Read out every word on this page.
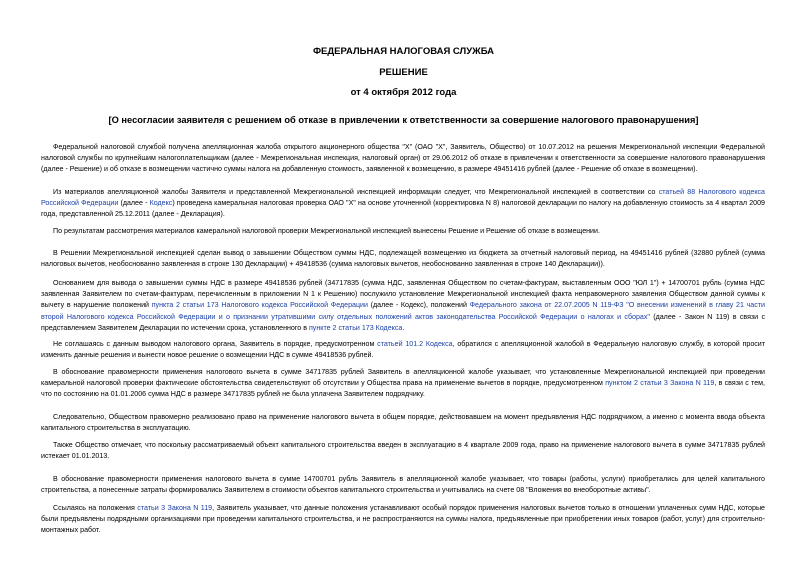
ФЕДЕРАЛЬНАЯ НАЛОГОВАЯ СЛУЖБА
РЕШЕНИЕ
от 4 октября 2012 года
[О несогласии заявителя с решением об отказе в привлечении к ответственности за совершение налогового правонарушения]

Федеральной налоговой службой получена апелляционная жалоба открытого акционерного общества "Х" (ОАО "Х", Заявитель, Общество) от 10.07.2012 на решения Межрегиональной инспекции Федеральной налоговой службы по крупнейшим налогоплательщикам (далее - Межрегиональная инспекция, налоговый орган) от 29.06.2012 об отказе в привлечении к ответственности за совершение налогового правонарушения (далее - Решение) и об отказе в возмещении частично суммы налога на добавленную стоимость, заявленной к возмещению, в размере 49451416 рублей (далее - Решение об отказе в возмещении).

Из материалов апелляционной жалобы Заявителя и представленной Межрегиональной инспекцией информации следует, что Межрегиональной инспекцией в соответствии со статьей 88 Налогового кодекса Российской Федерации (далее - Кодекс) проведена камеральная налоговая проверка ОАО "Х" на основе уточненной (корректировка N 8) налоговой декларации по налогу на добавленную стоимость за 4 квартал 2009 года, представленной 25.12.2011 (далее - Декларация).

По результатам рассмотрения материалов камеральной налоговой проверки Межрегиональной инспекцией вынесены Решение и Решение об отказе в возмещении.

В Решении Межрегиональной инспекцией сделан вывод о завышении Обществом суммы НДС, подлежащей возмещению из бюджета за отчетный налоговый период, на 49451416 рублей (32880 рублей (сумма налоговых вычетов, необоснованно заявленная в строке 130 Декларации) + 49418536 (сумма налоговых вычетов, необоснованно заявленная в строке 140 Декларации)).

Основанием для вывода о завышении суммы НДС в размере 49418536 рублей (34717835 (сумма НДС, заявленная Обществом по счетам-фактурам, выставленным ООО "ЮЛ 1") + 14700701 рубль (сумма НДС заявленная Заявителем по счетам-фактурам, перечисленным в приложении N 1 к Решению) послужило установление Межрегиональной инспекцией факта неправомерного заявления Обществом данной суммы к вычету в нарушение положений пункта 2 статьи 173 Налогового кодекса Российской Федерации (далее - Кодекс), положений Федерального закона от 22.07.2005 N 119-ФЗ "О внесении изменений в главу 21 части второй Налогового кодекса Российской Федерации и о признании утратившими силу отдельных положений актов законодательства Российской Федерации о налогах и сборах" (далее - Закон N 119) в связи с представлением Заявителем Декларации по истечении срока, установленного в пункте 2 статьи 173 Кодекса.

Не соглашаясь с данным выводом налогового органа, Заявитель в порядке, предусмотренном статьей 101.2 Кодекса, обратился с апелляционной жалобой в Федеральную налоговую службу, в которой просит изменить данные решения и вынести новое решение о возмещении НДС в сумме 49418536 рублей.

В обоснование правомерности применения налогового вычета в сумме 34717835 рублей Заявитель в апелляционной жалобе указывает, что установленные Межрегиональной инспекцией при проведении камеральной налоговой проверки фактические обстоятельства свидетельствуют об отсутствии у Общества права на применение вычетов в порядке, предусмотренном пунктом 2 статьи 3 Закона N 119, в связи с тем, что по состоянию на 01.01.2006 сумма НДС в размере 34717835 рублей не была уплачена Заявителем подрядчику.

Следовательно, Обществом правомерно реализовано право на применение налогового вычета в общем порядке, действовавшем на момент предъявления НДС подрядчиком, а именно с момента ввода объекта капитального строительства в эксплуатацию.

Также Общество отмечает, что поскольку рассматриваемый объект капитального строительства введен в эксплуатацию в 4 квартале 2009 года, право на применение налогового вычета в сумме 34717835 рублей истекает 01.01.2013.

В обоснование правомерности применения налогового вычета в сумме 14700701 рубль Заявитель в апелляционной жалобе указывает, что товары (работы, услуги) приобретались для целей капитального строительства, а понесенные затраты формировались Заявителем в стоимости объектов капитального строительства и учитывались на счете 08 "Вложения во внеоборотные активы".

Ссылаясь на положения статьи 3 Закона N 119, Заявитель указывает, что данные положения устанавливают особый порядок применения налоговых вычетов только в отношении уплаченных сумм НДС, которые были предъявлены подрядными организациями при проведении капитального строительства, и не распространяются на суммы налога, предъявленные при приобретении иных товаров (работ, услуг) для строительно-монтажных работ.
